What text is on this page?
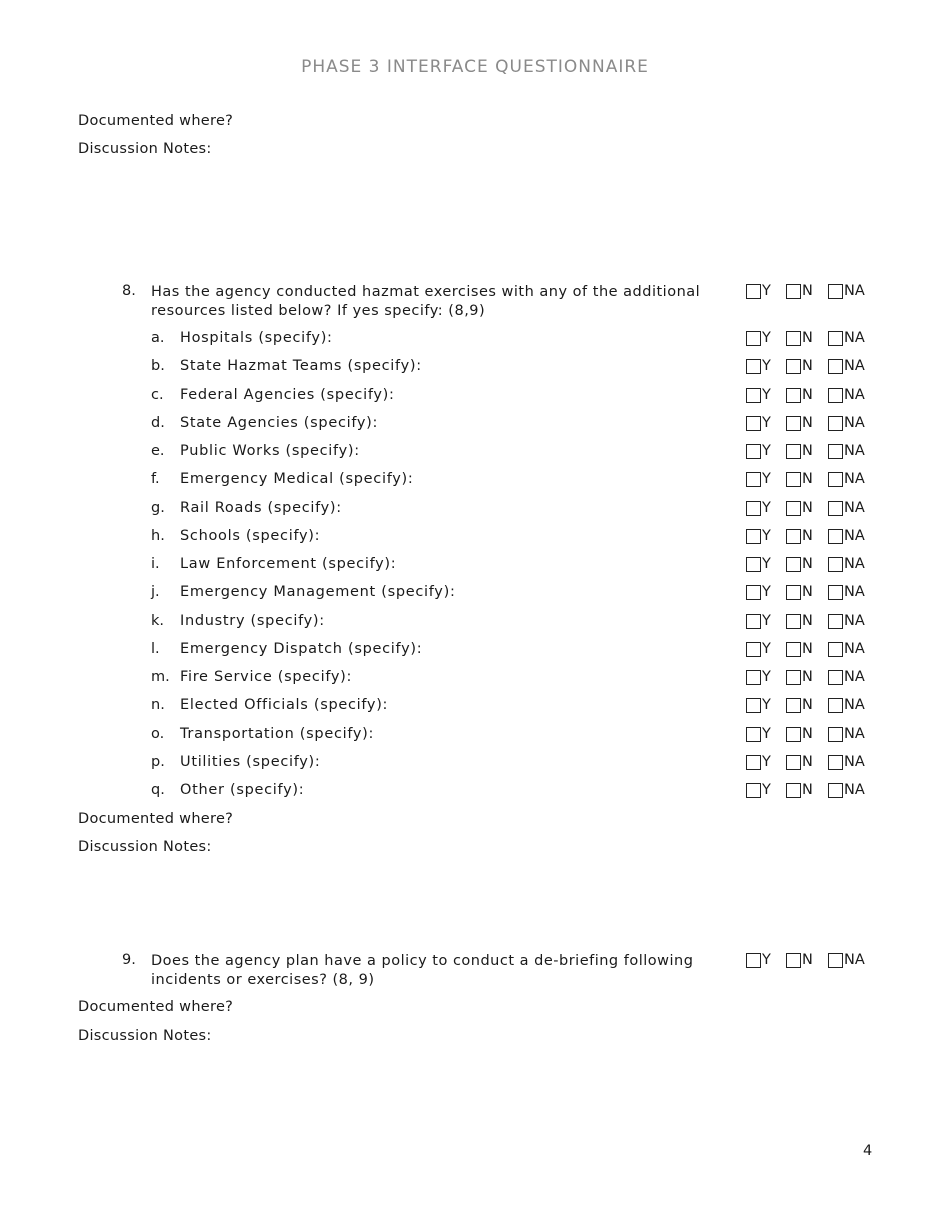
PHASE 3 INTERFACE QUESTIONNAIRE
Documented where?
Discussion Notes:
8. Has the agency conducted hazmat exercises with any of the additional resources listed below? If yes specify: (8,9)
Y N NA
a. Hospitals (specify):	Y N NA
b. State Hazmat Teams (specify):	Y N NA
c. Federal Agencies (specify):	Y N NA
d. State Agencies (specify):	Y N NA
e. Public Works (specify):	Y N NA
f. Emergency Medical (specify):	Y N NA
g. Rail Roads (specify):	Y N NA
h. Schools (specify):	Y N NA
i. Law Enforcement (specify):	Y N NA
j. Emergency Management (specify):	Y N NA
k. Industry (specify):	Y N NA
l. Emergency Dispatch (specify):	Y N NA
m. Fire Service (specify):	Y N NA
n. Elected Officials (specify):	Y N NA
o. Transportation (specify):	Y N NA
p. Utilities (specify):	Y N NA
q. Other (specify):	Y N NA
Documented where?
Discussion Notes:
9. Does the agency plan have a policy to conduct a de-briefing following incidents or exercises? (8, 9)
Y N NA
Documented where?
Discussion Notes:
4
